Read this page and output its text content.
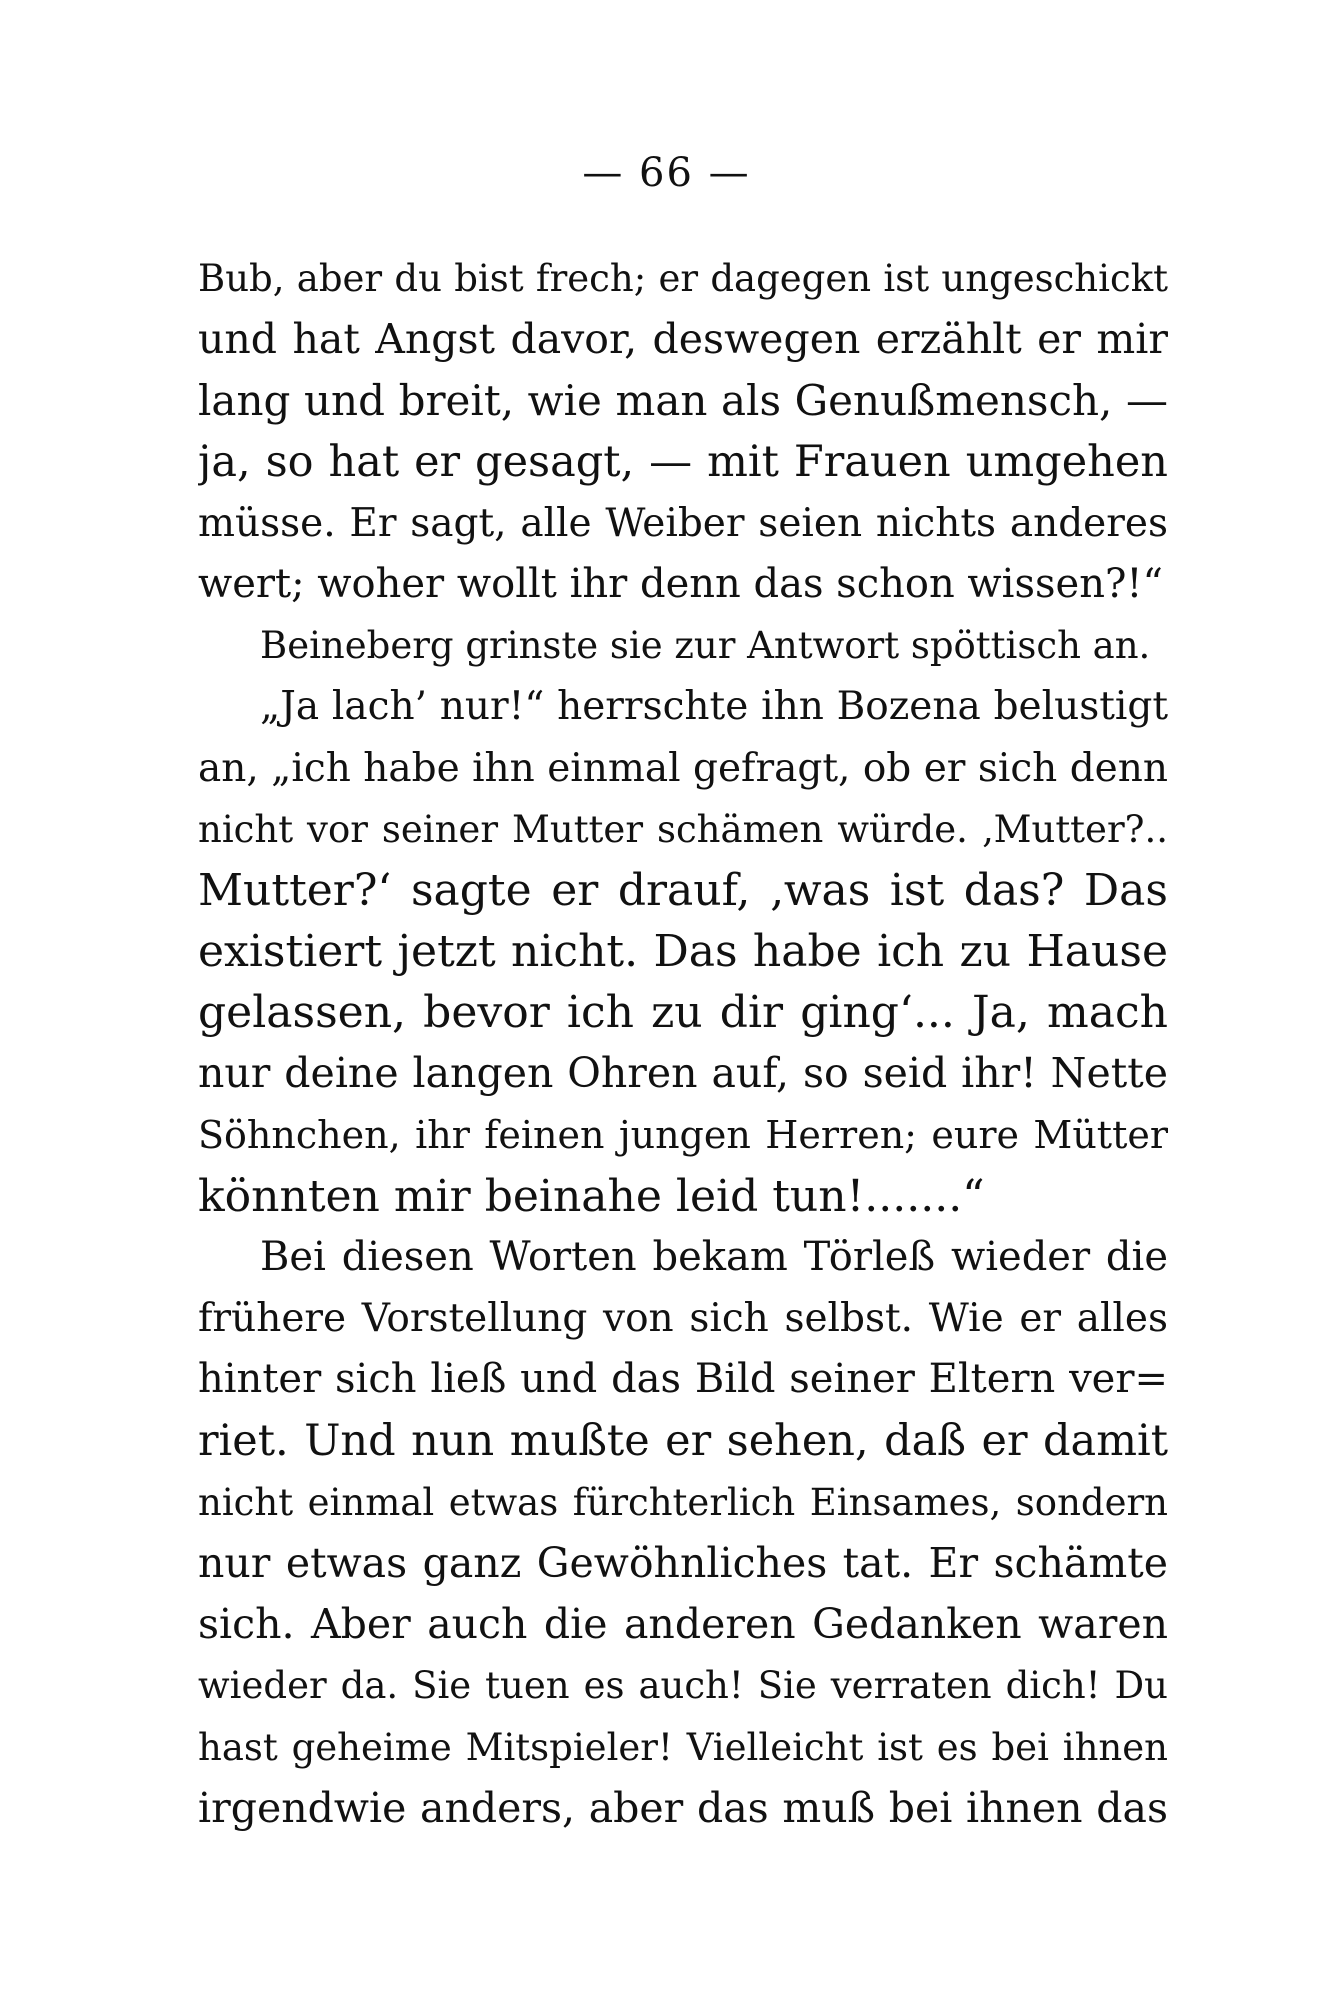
— 66 —
Bub, aber du bist frech; er dagegen ist ungeschickt
und hat Angst davor, deswegen erzählt er mir
lang und breit, wie man als Genußmensch, —
ja, so hat er gesagt, — mit Frauen umgehen
müsse. Er sagt, alle Weiber seien nichts anderes
wert; woher wollt ihr denn das schon wissen?!“
Beineberg grinste sie zur Antwort spöttisch an.
„Ja lach’ nur!“ herrschte ihn Bozena belustigt
an, „ich habe ihn einmal gefragt, ob er sich denn
nicht vor seiner Mutter schämen würde. ‚Mutter?..
Mutter?‘ sagte er drauf, ‚was ist das? Das
existiert jetzt nicht. Das habe ich zu Hause
gelassen, bevor ich zu dir ging‘... Ja, mach
nur deine langen Ohren auf, so seid ihr! Nette
Söhnchen, ihr feinen jungen Herren; eure Mütter
könnten mir beinahe leid tun!.......“
Bei diesen Worten bekam Törleß wieder die
frühere Vorstellung von sich selbst. Wie er alles
hinter sich ließ und das Bild seiner Eltern ver=
riet. Und nun mußte er sehen, daß er damit
nicht einmal etwas fürchterlich Einsames, sondern
nur etwas ganz Gewöhnliches tat. Er schämte
sich. Aber auch die anderen Gedanken waren
wieder da. Sie tuen es auch! Sie verraten dich! Du
hast geheime Mitspieler! Vielleicht ist es bei ihnen
irgendwie anders, aber das muß bei ihnen das
